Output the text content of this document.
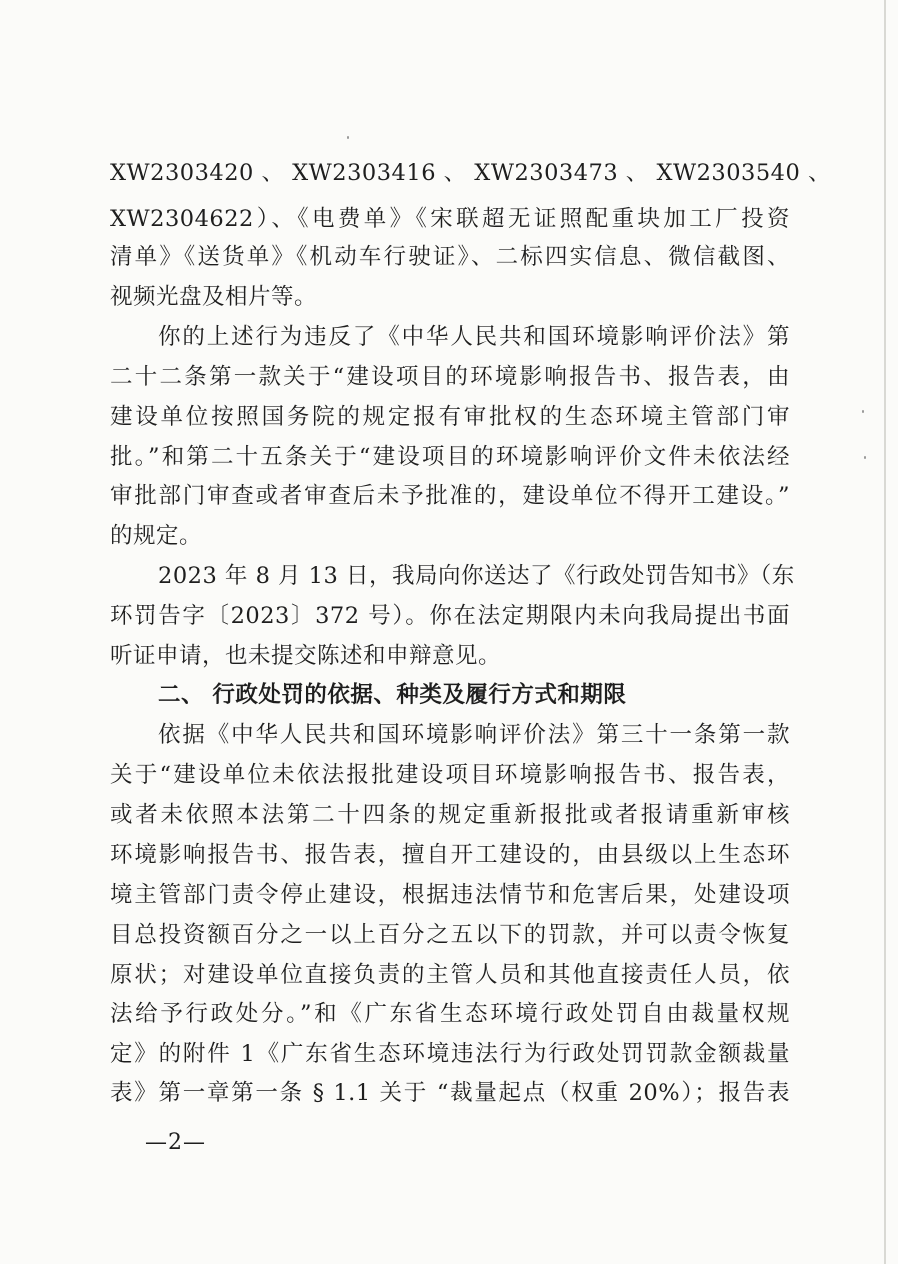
XW2303420 、 XW2303416 、 XW2303473 、 XW2303540 、
XW2304622）、《电费单》《宋联超无证照配重块加工厂投资
清单》《送货单》《机动车行驶证》、二标四实信息、微信截图、
视频光盘及相片等。
你的上述行为违反了《中华人民共和国环境影响评价法》第
二十二条第一款关于“建设项目的环境影响报告书、报告表，由
建设单位按照国务院的规定报有审批权的生态环境主管部门审
批。”和第二十五条关于“建设项目的环境影响评价文件未依法经
审批部门审查或者审查后未予批准的，建设单位不得开工建设。”
的规定。
2023 年 8 月 13 日，我局向你送达了《行政处罚告知书》（东
环罚告字〔2023〕372 号）。你在法定期限内未向我局提出书面
听证申请，也未提交陈述和申辩意见。
二、 行政处罚的依据、种类及履行方式和期限
依据《中华人民共和国环境影响评价法》第三十一条第一款
关于“建设单位未依法报批建设项目环境影响报告书、报告表，
或者未依照本法第二十四条的规定重新报批或者报请重新审核
环境影响报告书、报告表，擅自开工建设的，由县级以上生态环
境主管部门责令停止建设，根据违法情节和危害后果，处建设项
目总投资额百分之一以上百分之五以下的罚款，并可以责令恢复
原状；对建设单位直接负责的主管人员和其他直接责任人员，依
法给予行政处分。”和《广东省生态环境行政处罚自由裁量权规
定》的附件 1《广东省生态环境违法行为行政处罚罚款金额裁量
表》第一章第一条 § 1.1 关于 “裁量起点（权重 20%）；报告表
—2—
